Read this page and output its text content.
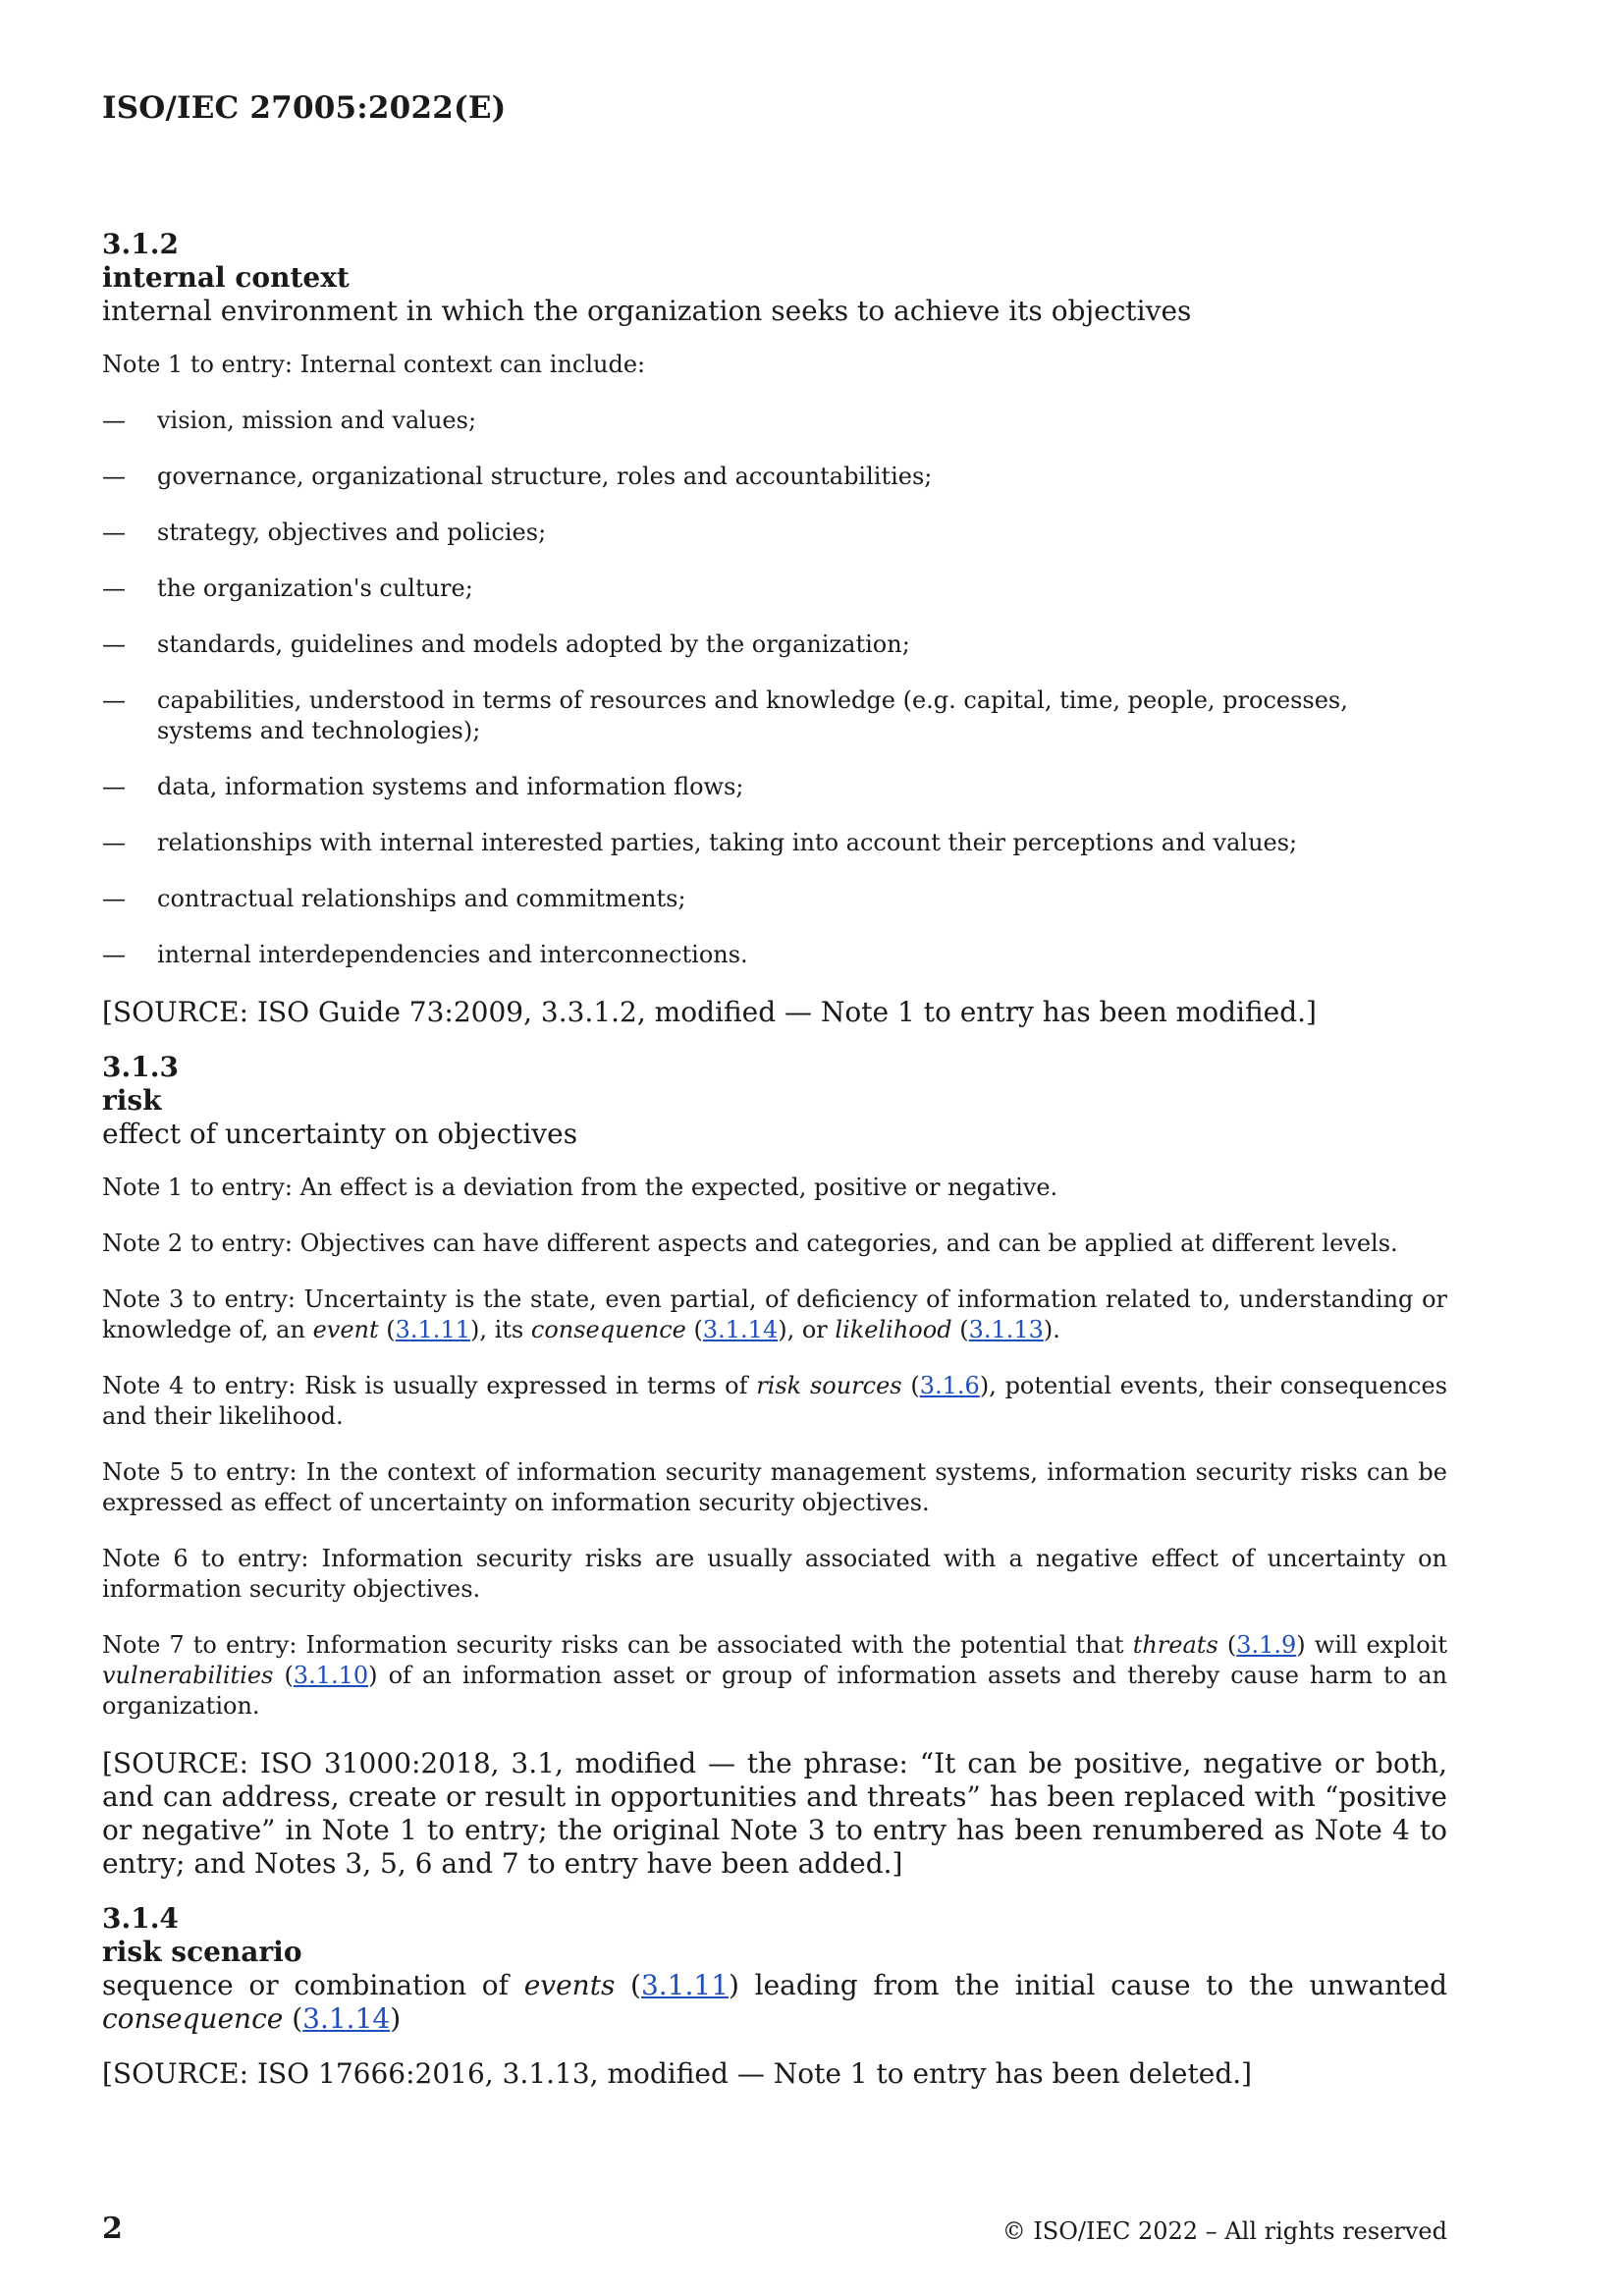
ISO/IEC 27005:2022(E)
3.1.2
internal context
internal environment in which the organization seeks to achieve its objectives
Note 1 to entry: Internal context can include:
— vision, mission and values;
— governance, organizational structure, roles and accountabilities;
— strategy, objectives and policies;
— the organization's culture;
— standards, guidelines and models adopted by the organization;
— capabilities, understood in terms of resources and knowledge (e.g. capital, time, people, processes, systems and technologies);
— data, information systems and information flows;
— relationships with internal interested parties, taking into account their perceptions and values;
— contractual relationships and commitments;
— internal interdependencies and interconnections.
[SOURCE: ISO Guide 73:2009, 3.3.1.2, modified — Note 1 to entry has been modified.]
3.1.3
risk
effect of uncertainty on objectives
Note 1 to entry: An effect is a deviation from the expected, positive or negative.
Note 2 to entry: Objectives can have different aspects and categories, and can be applied at different levels.
Note 3 to entry: Uncertainty is the state, even partial, of deficiency of information related to, understanding or knowledge of, an event (3.1.11), its consequence (3.1.14), or likelihood (3.1.13).
Note 4 to entry: Risk is usually expressed in terms of risk sources (3.1.6), potential events, their consequences and their likelihood.
Note 5 to entry: In the context of information security management systems, information security risks can be expressed as effect of uncertainty on information security objectives.
Note 6 to entry: Information security risks are usually associated with a negative effect of uncertainty on information security objectives.
Note 7 to entry: Information security risks can be associated with the potential that threats (3.1.9) will exploit vulnerabilities (3.1.10) of an information asset or group of information assets and thereby cause harm to an organization.
[SOURCE: ISO 31000:2018, 3.1, modified — the phrase: “It can be positive, negative or both, and can address, create or result in opportunities and threats” has been replaced with “positive or negative” in Note 1 to entry; the original Note 3 to entry has been renumbered as Note 4 to entry; and Notes 3, 5, 6 and 7 to entry have been added.]
3.1.4
risk scenario
sequence or combination of events (3.1.11) leading from the initial cause to the unwanted consequence (3.1.14)
[SOURCE: ISO 17666:2016, 3.1.13, modified — Note 1 to entry has been deleted.]
2	© ISO/IEC 2022 – All rights reserved
